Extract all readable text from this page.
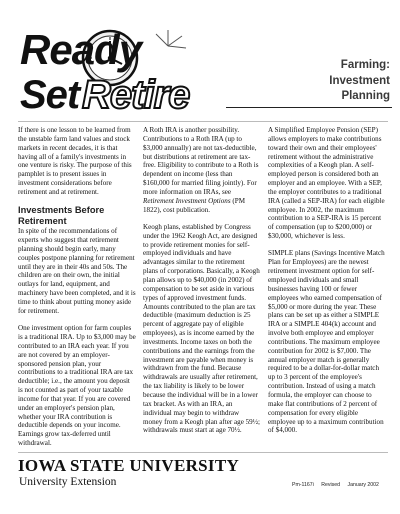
Ready
Set Retire
Farming:
Investment
Planning

If there is one lesson to be learned from the unstable farm land values and stock markets in recent decades, it is that having all of a family's investments in one venture is risky. The purpose of this pamphlet is to present issues in investment considerations before retirement and at retirement.

Investments Before Retirement

In spite of the recommendations of experts who suggest that retirement planning should begin early, many couples postpone planning for retirement until they are in their 40s and 50s. The children are on their own, the initial outlays for land, equipment, and machinery have been completed, and it is time to think about putting money aside for retirement.

One investment option for farm couples is a traditional IRA. Up to $3,000 may be contributed to an IRA each year. If you are not covered by an employer-sponsored pension plan, your contributions to a traditional IRA are tax deductible; i.e., the amount you deposit is not counted as part of your taxable income for that year. If you are covered under an employer's pension plan, whether your IRA contribution is deductible depends on your income. Earnings grow tax-deferred until withdrawal.

A Roth IRA is another possibility. Contributions to a Roth IRA (up to $3,000 annually) are not tax-deductible, but distributions at retirement are tax-free. Eligibility to contribute to a Roth is dependent on income (less than $160,000 for married filing jointly). For more information on IRAs, see Retirement Investment Options (PM 1822), cost publication.

Keogh plans, established by Congress under the 1962 Keogh Act, are designed to provide retirement monies for self-employed individuals and have advantages similar to the retirement plans of corporations. Basically, a Keogh plan allows up to $40,000 (in 2002) of compensation to be set aside in various types of approved investment funds. Amounts contributed to the plan are tax deductible (maximum deduction is 25 percent of aggregate pay of eligible employees), as is income earned by the investments. Income taxes on both the contributions and the earnings from the investment are payable when money is withdrawn from the fund. Because withdrawals are usually after retirement, the tax liability is likely to be lower because the individual will be in a lower tax bracket. As with an IRA, an individual may begin to withdraw money from a Keogh plan after age 59½; withdrawals must start at age 70½.

A Simplified Employee Pension (SEP) allows employers to make contributions toward their own and their employees' retirement without the administrative complexities of a Keogh plan. A self-employed person is considered both an employer and an employee. With a SEP, the employer contributes to a traditional IRA (called a SEP-IRA) for each eligible employee. In 2002, the maximum contribution to a SEP-IRA is 15 percent of compensation (up to $200,000) or $30,000, whichever is less.

SIMPLE plans (Savings Incentive Match Plan for Employees) are the newest retirement investment option for self-employed individuals and small businesses having 100 or fewer employees who earned compensation of $5,000 or more during the year. These plans can be set up as either a SIMPLE IRA or a SIMPLE 404(k) account and involve both employee and employer contributions. The maximum employee contribution for 2002 is $7,000. The annual employer match is generally required to be a dollar-for-dollar match up to 3 percent of the employee's contribution. Instead of using a match formula, the employer can choose to make flat contributions of 2 percent of compensation for every eligible employee up to a maximum contribution of $4,000.

IOWA STATE UNIVERSITY
University Extension	Pm-1167i Revised January 2002
